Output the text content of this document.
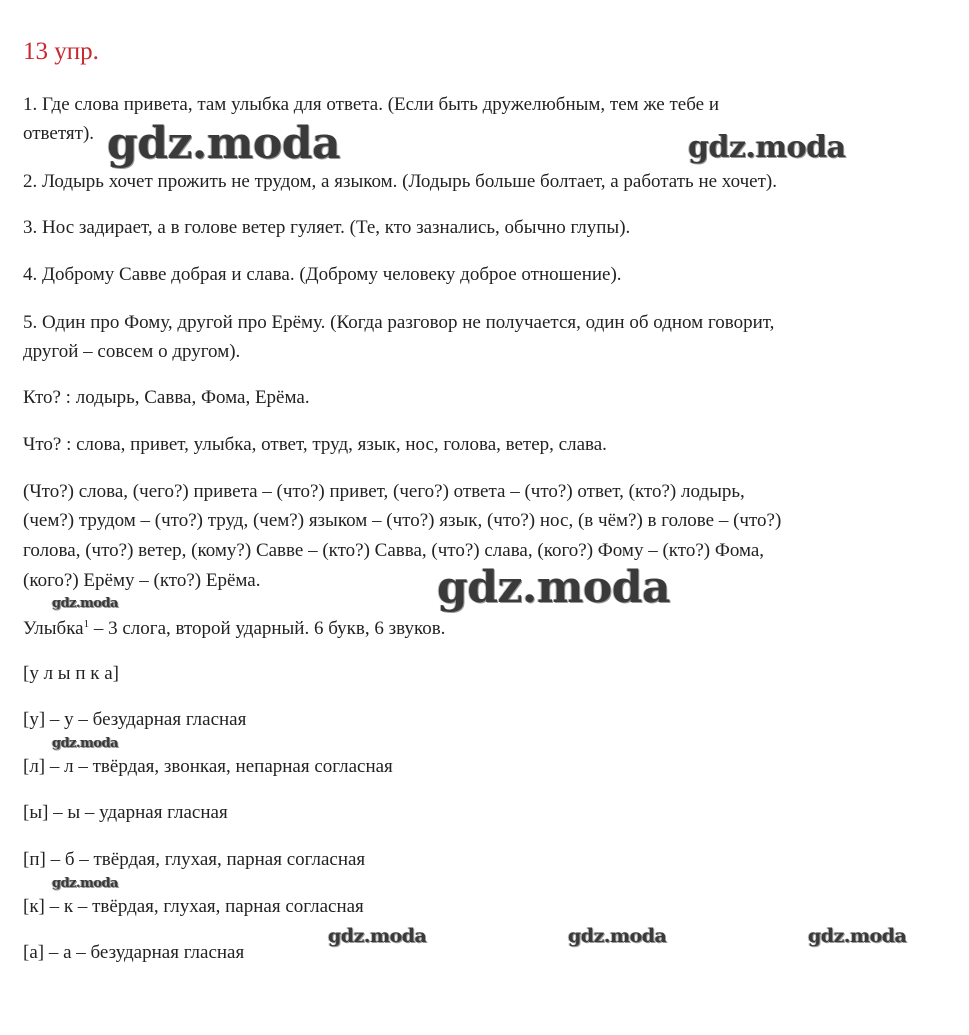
13 упр.
1. Где слова привета, там улыбка для ответа. (Если быть дружелюбным, тем же тебе и
ответят).
2. Лодырь хочет прожить не трудом, а языком. (Лодырь больше болтает, а работать не хочет).
3. Нос задирает, а в голове ветер гуляет. (Те, кто зазнались, обычно глупы).
4. Доброму Савве добрая и слава. (Доброму человеку доброе отношение).
5. Один про Фому, другой про Ерёму. (Когда разговор не получается, один об одном говорит,
другой – совсем о другом).
Кто? : лодырь, Савва, Фома, Ерёма.
Что? : слова, привет, улыбка, ответ, труд, язык, нос, голова, ветер, слава.
(Что?) слова, (чего?) привета – (что?) привет, (чего?) ответа – (что?) ответ, (кто?) лодырь,
(чем?) трудом – (что?) труд, (чем?) языком – (что?) язык, (что?) нос, (в чём?) в голове – (что?)
голова, (что?) ветер, (кому?) Савве – (кто?) Савва, (что?) слава, (кого?) Фому – (кто?) Фома,
(кого?) Ерёму – (кто?) Ерёма.
Улыбка$^1$ – 3 слога, второй ударный. 6 букв, 6 звуков.
[у л ы п к а]
[у] – у – безударная гласная
[л] – л – твёрдая, звонкая, непарная согласная
[ы] – ы – ударная гласная
[п] – б – твёрдая, глухая, парная согласная
[к] – к – твёрдая, глухая, парная согласная
[а] – а – безударная гласная
gdz.moda	gdz.moda
gdz.moda
gdz.moda
gdz.moda
gdz.moda
gdz.moda	gdz.moda	gdz.moda
